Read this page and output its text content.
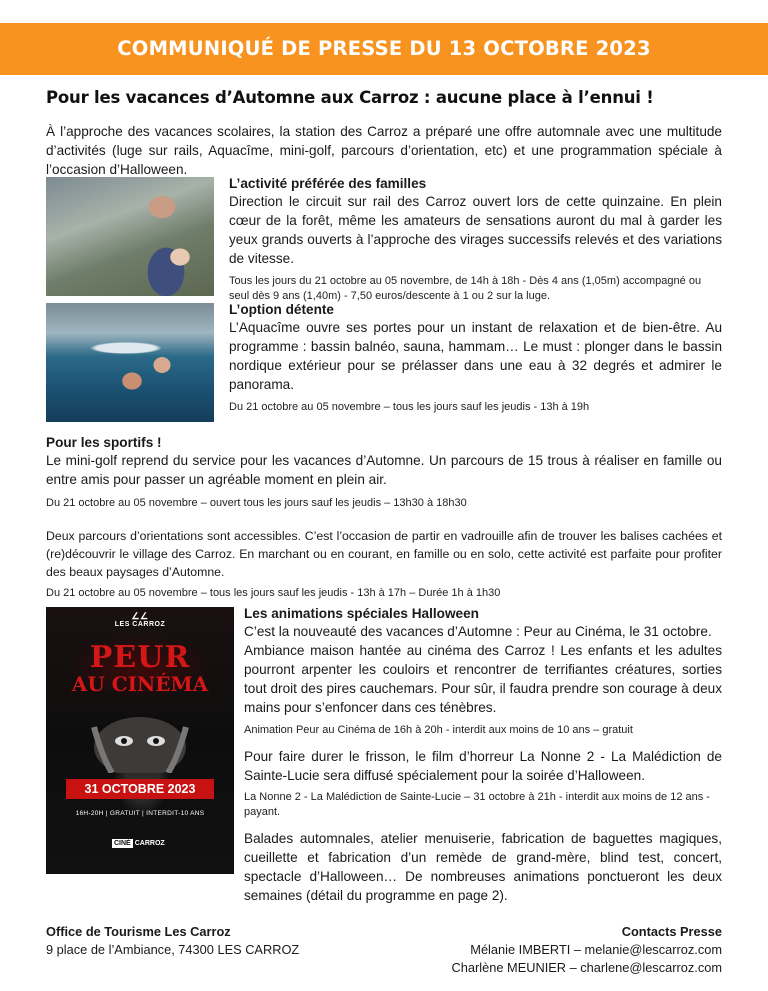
COMMUNIQUÉ DE PRESSE DU 13 OCTOBRE 2023
Pour les vacances d’Automne aux Carroz : aucune place à l’ennui !

À l’approche des vacances scolaires, la station des Carroz a préparé une offre automnale avec une multitude d’activités (luge sur rails, Aquacîme, mini-golf, parcours d’orientation, etc) et une programmation spéciale à l’occasion d’Halloween.

L’activité préférée des familles

Direction le circuit sur rail des Carroz ouvert lors de cette quinzaine. En plein cœur de la forêt, même les amateurs de sensations auront du mal à garder les yeux grands ouverts à l’approche des virages successifs relevés et des variations de vitesse.

Tous les jours du 21 octobre au 05 novembre, de 14h à 18h - Dès 4 ans (1,05m) accompagné ou seul dès 9 ans (1,40m) - 7,50 euros/descente à 1 ou 2 sur la luge.

L’option détente

L’Aquacîme ouvre ses portes pour un instant de relaxation et de bien-être. Au programme : bassin balnéo, sauna, hammam… Le must : plonger dans le bassin nordique extérieur pour se prélasser dans une eau à 32 degrés et admirer le panorama.

Du 21 octobre au 05 novembre – tous les jours sauf les jeudis - 13h à 19h

Pour les sportifs !

Le mini-golf reprend du service pour les vacances d’Automne. Un parcours de 15 trous à réaliser en famille ou entre amis pour passer un agréable moment en plein air.

Du 21 octobre au 05 novembre – ouvert tous les jours sauf les jeudis – 13h30 à 18h30

Deux parcours d’orientations sont accessibles. C’est l’occasion de partir en vadrouille afin de trouver les balises cachées et (re)découvrir le village des Carroz. En marchant ou en courant, en famille ou en solo, cette activité est parfaite pour profiter des beaux paysages d’Automne.

Du 21 octobre au 05 novembre – tous les jours sauf les jeudis - 13h à 17h – Durée 1h à 1h30

∠∠
LES CARROZ
PEUR
AU CINÉMA
31 OCTOBRE 2023
16H-20H | GRATUIT | INTERDIT-10 ANS
CINÉ CARROZ

Les animations spéciales Halloween

C’est la nouveauté des vacances d’Automne : Peur au Cinéma, le 31 octobre.

Ambiance maison hantée au cinéma des Carroz ! Les enfants et les adultes pourront arpenter les couloirs et rencontrer de terrifiantes créatures, sorties tout droit des pires cauchemars. Pour sûr, il faudra prendre son courage à deux mains pour s’enfoncer dans ces ténèbres.

Animation Peur au Cinéma de 16h à 20h - interdit aux moins de 10 ans – gratuit

Pour faire durer le frisson, le film d’horreur La Nonne 2 - La Malédiction de Sainte-Lucie sera diffusé spécialement pour la soirée d’Halloween.

La Nonne 2 - La Malédiction de Sainte-Lucie – 31 octobre à 21h - interdit aux moins de 12 ans - payant.

Balades automnales, atelier menuiserie, fabrication de baguettes magiques, cueillette et fabrication d’un remède de grand-mère, blind test, concert, spectacle d’Halloween… De nombreuses animations ponctueront les deux semaines (détail du programme en page 2).

Office de Tourisme Les Carroz
9 place de l’Ambiance, 74300 LES CARROZ
Contacts Presse
Mélanie IMBERTI – melanie@lescarroz.com
Charlène MEUNIER – charlene@lescarroz.com
